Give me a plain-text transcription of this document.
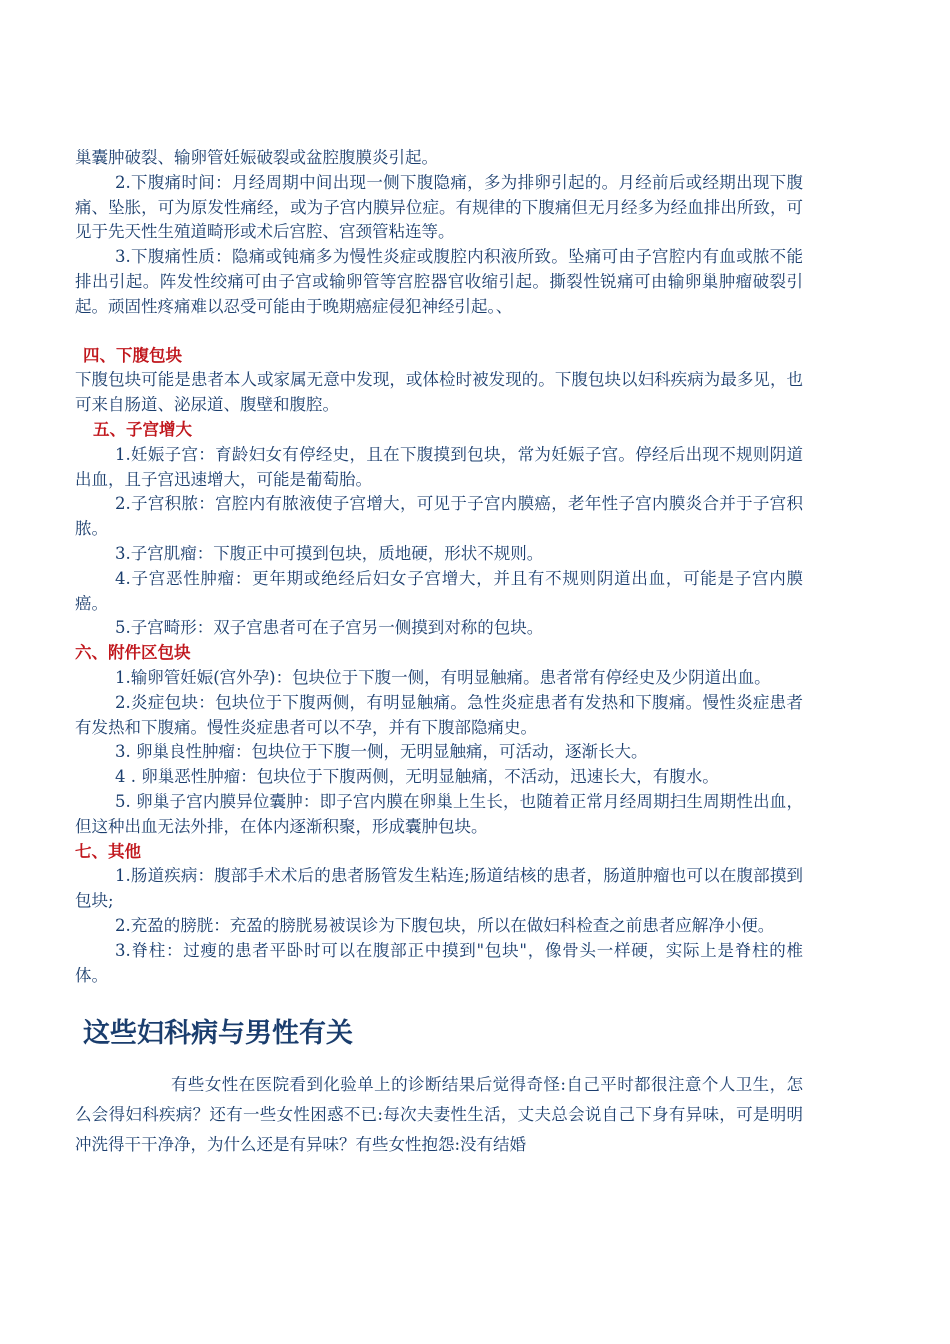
巢囊肿破裂、输卵管妊娠破裂或盆腔腹膜炎引起。

2.下腹痛时间：月经周期中间出现一侧下腹隐痛，多为排卵引起的。月经前后或经期出现下腹痛、坠胀，可为原发性痛经，或为子宫内膜异位症。有规律的下腹痛但无月经多为经血排出所致，可见于先天性生殖道畸形或术后宫腔、宫颈管粘连等。

3.下腹痛性质：隐痛或钝痛多为慢性炎症或腹腔内积液所致。坠痛可由子宫腔内有血或脓不能排出引起。阵发性绞痛可由子宫或输卵管等宫腔器官收缩引起。撕裂性锐痛可由输卵巢肿瘤破裂引起。顽固性疼痛难以忍受可能由于晚期癌症侵犯神经引起。、

四、下腹包块

下腹包块可能是患者本人或家属无意中发现，或体检时被发现的。下腹包块以妇科疾病为最多见，也可来自肠道、泌尿道、腹壁和腹腔。

五、子宫增大

1.妊娠子宫：育龄妇女有停经史，且在下腹摸到包块，常为妊娠子宫。停经后出现不规则阴道出血，且子宫迅速增大，可能是葡萄胎。

2.子宫积脓：宫腔内有脓液使子宫增大，可见于子宫内膜癌，老年性子宫内膜炎合并于子宫积脓。

3.子宫肌瘤：下腹正中可摸到包块，质地硬，形状不规则。

4.子宫恶性肿瘤：更年期或绝经后妇女子宫增大，并且有不规则阴道出血，可能是子宫内膜癌。

5.子宫畸形：双子宫患者可在子宫另一侧摸到对称的包块。

六、附件区包块

1.输卵管妊娠(宫外孕)：包块位于下腹一侧，有明显触痛。患者常有停经史及少阴道出血。

2.炎症包块：包块位于下腹两侧，有明显触痛。急性炎症患者有发热和下腹痛。慢性炎症患者有发热和下腹痛。慢性炎症患者可以不孕，并有下腹部隐痛史。

3. 卵巢良性肿瘤：包块位于下腹一侧，无明显触痛，可活动，逐渐长大。

4 . 卵巢恶性肿瘤：包块位于下腹两侧，无明显触痛，不活动，迅速长大，有腹水。

5. 卵巢子宫内膜异位囊肿：即子宫内膜在卵巢上生长，也随着正常月经周期扫生周期性出血，但这种出血无法外排，在体内逐渐积聚，形成囊肿包块。

七、其他

1.肠道疾病：腹部手术术后的患者肠管发生粘连;肠道结核的患者，肠道肿瘤也可以在腹部摸到包块;

2.充盈的膀胱：充盈的膀胱易被误诊为下腹包块，所以在做妇科检查之前患者应解净小便。

3.脊柱：过瘦的患者平卧时可以在腹部正中摸到"包块"，像骨头一样硬，实际上是脊柱的椎体。

这些妇科病与男性有关

有些女性在医院看到化验单上的诊断结果后觉得奇怪:自己平时都很注意个人卫生，怎么会得妇科疾病？还有一些女性困惑不已:每次夫妻性生活，丈夫总会说自己下身有异味，可是明明冲洗得干干净净，为什么还是有异味？有些女性抱怨:没有结婚
